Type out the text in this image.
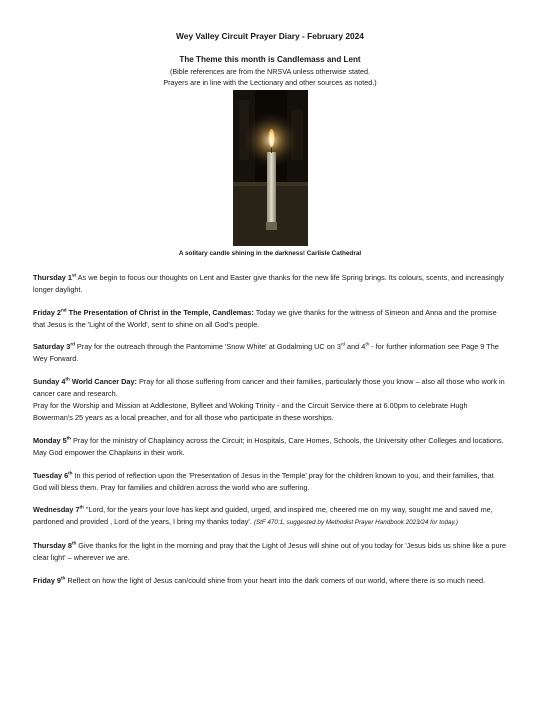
Wey Valley Circuit Prayer Diary - February 2024
The Theme this month is Candlemass and Lent
(Bible references are from the NRSVA unless otherwise stated.
Prayers are in line with the Lectionary and other sources as noted.)
A solitary candle shining in the darkness! Carlisle Cathedral

Thursday 1st As we begin to focus our thoughts on Lent and Easter give thanks for the new life Spring brings. Its colours, scents, and increasingly longer daylight.

Friday 2nd The Presentation of Christ in the Temple, Candlemas: Today we give thanks for the witness of Simeon and Anna and the promise that Jesus is the 'Light of the World', sent to shine on all God's people.

Saturday 3rd Pray for the outreach through the Pantomime 'Snow White' at Godalming UC on 3rd and 4th - for further information see Page 9 The Wey Forward.

Sunday 4th World Cancer Day: Pray for all those suffering from cancer and their families, particularly those you know – also all those who work in cancer care and research.

Pray for the Worship and Mission at Addlestone, Byfleet and Woking Trinity - and the Circuit Service there at 6.00pm to celebrate Hugh Bowerman's 25 years as a local preacher, and for all those who participate in these worships.

Monday 5th Pray for the ministry of Chaplaincy across the Circuit; in Hospitals, Care Homes, Schools, the University other Colleges and locations. May God empower the Chaplains in their work.

Tuesday 6th In this period of reflection upon the 'Presentation of Jesus in the Temple' pray for the children known to you, and their families, that God will bless them. Pray for families and children across the world who are suffering.

Wednesday 7th "Lord, for the years your love has kept and guided, urged, and inspired me, cheered me on my way, sought me and saved me, pardoned and provided , Lord of the years, I bring my thanks today'. (StF 470:1, suggested by Methodist Prayer Handbook 2023/24 for today.)

Thursday 8th Give thanks for the light in the morning and pray that the Light of Jesus will shine out of you today for 'Jesus bids us shine like a pure clear light' – wherever we are.

Friday 9th Reflect on how the light of Jesus can/could shine from your heart into the dark corners of our world, where there is so much need.
